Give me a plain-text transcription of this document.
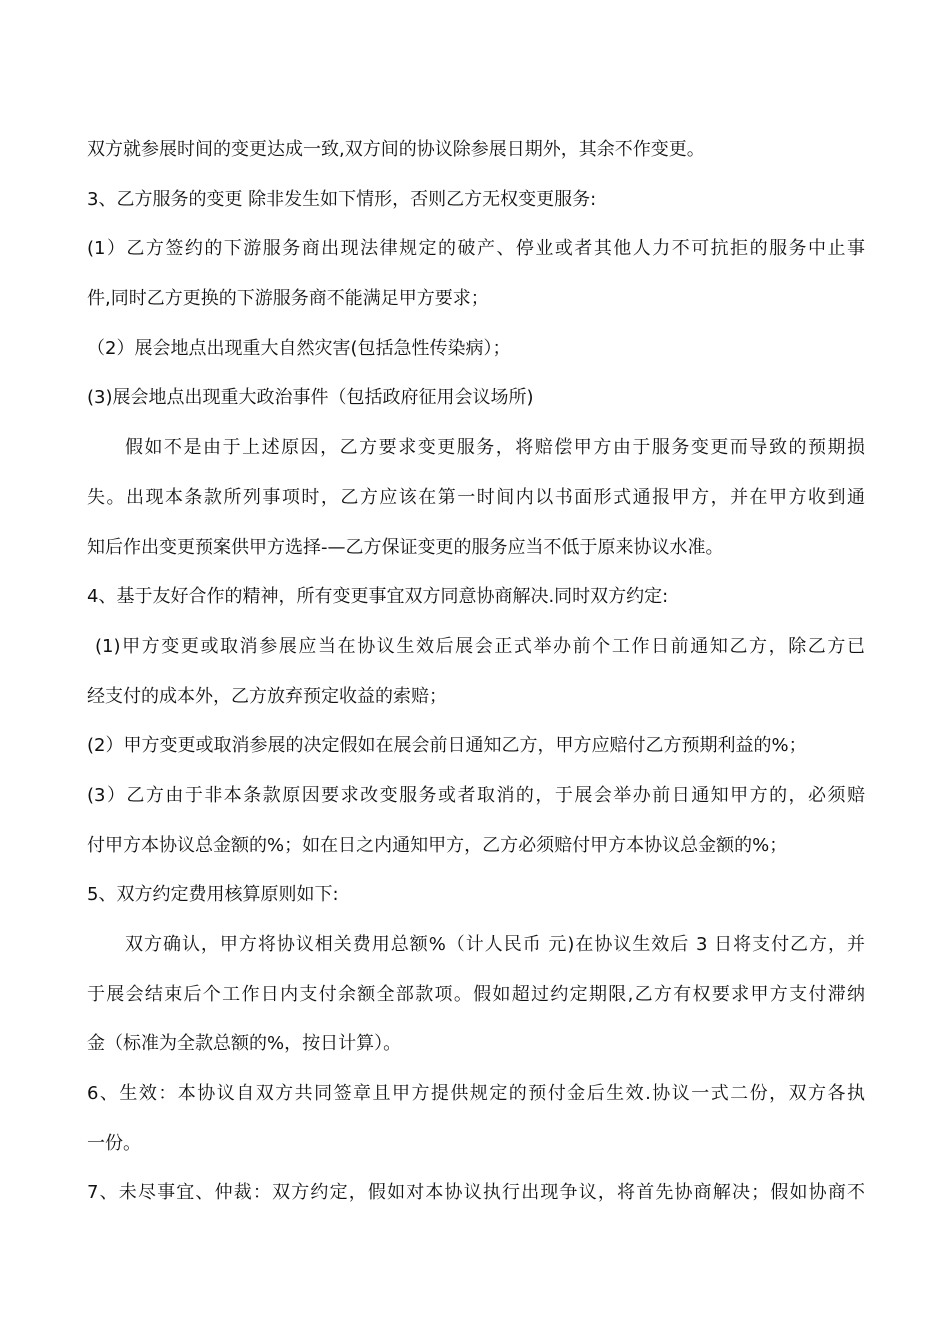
双方就参展时间的变更达成一致,双方间的协议除参展日期外，其余不作变更。
3、乙方服务的变更 除非发生如下情形，否则乙方无权变更服务:
(1）乙方签约的下游服务商出现法律规定的破产、停业或者其他人力不可抗拒的服务中止事
件,同时乙方更换的下游服务商不能满足甲方要求；
（2）展会地点出现重大自然灾害(包括急性传染病）；
(3)展会地点出现重大政治事件（包括政府征用会议场所)
假如不是由于上述原因，乙方要求变更服务，将赔偿甲方由于服务变更而导致的预期损
失。出现本条款所列事项时，乙方应该在第一时间内以书面形式通报甲方，并在甲方收到通
知后作出变更预案供甲方选择-—乙方保证变更的服务应当不低于原来协议水准。
4、基于友好合作的精神，所有变更事宜双方同意协商解决.同时双方约定:
(1)甲方变更或取消参展应当在协议生效后展会正式举办前个工作日前通知乙方，除乙方已
经支付的成本外，乙方放弃预定收益的索赔；
(2）甲方变更或取消参展的决定假如在展会前日通知乙方，甲方应赔付乙方预期利益的%；
(3）乙方由于非本条款原因要求改变服务或者取消的，于展会举办前日通知甲方的，必须赔
付甲方本协议总金额的%；如在日之内通知甲方，乙方必须赔付甲方本协议总金额的%；
5、双方约定费用核算原则如下:
双方确认，甲方将协议相关费用总额%（计人民币 元)在协议生效后 3 日将支付乙方，并
于展会结束后个工作日内支付余额全部款项。假如超过约定期限,乙方有权要求甲方支付滞纳
金（标准为全款总额的%，按日计算）。
6、生效：本协议自双方共同签章且甲方提供规定的预付金后生效.协议一式二份，双方各执
一份。
7、未尽事宜、仲裁：双方约定，假如对本协议执行出现争议，将首先协商解决；假如协商不
